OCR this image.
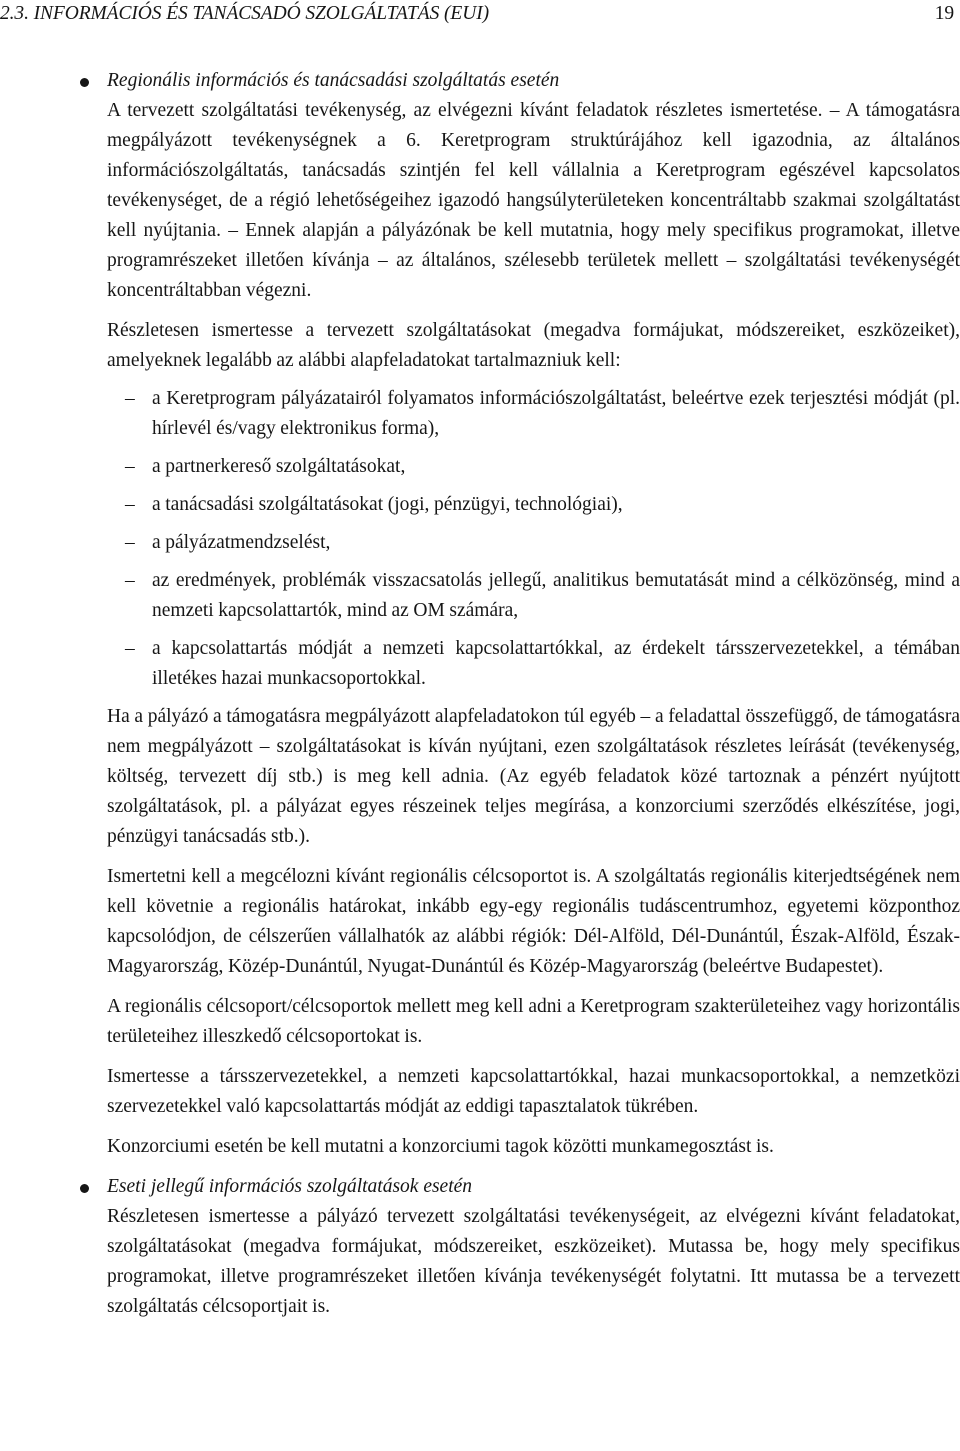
2.3. INFORMÁCIÓS ÉS TANÁCSADÓ SZOLGÁLTATÁS (EUI)	19
Regionális információs és tanácsadási szolgáltatás esetén

A tervezett szolgáltatási tevékenység, az elvégezni kívánt feladatok részletes ismertetése. – A támogatásra megpályázott tevékenységnek a 6. Keretprogram struktúrájához kell igazodnia, az általános információszolgáltatás, tanácsadás szintjén fel kell vállalnia a Keretprogram egészével kapcsolatos tevékenységet, de a régió lehetőségeihez igazodó hangsúlyterületeken koncentráltabb szakmai szolgáltatást kell nyújtania. – Ennek alapján a pályázónak be kell mutatnia, hogy mely specifikus programokat, illetve programrészeket illetően kívánja – az általános, szélesebb területek mellett – szolgáltatási tevékenységét koncentráltabban végezni.

Részletesen ismertesse a tervezett szolgáltatásokat (megadva formájukat, módszereiket, eszközeiket), amelyeknek legalább az alábbi alapfeladatokat tartalmazniuk kell:

– a Keretprogram pályázatairól folyamatos információszolgáltatást, beleértve ezek terjesztési módját (pl. hírlevél és/vagy elektronikus forma),
– a partnerkereső szolgáltatásokat,
– a tanácsadási szolgáltatásokat (jogi, pénzügyi, technológiai),
– a pályázatmendzselést,
– az eredmények, problémák visszacsatolás jellegű, analitikus bemutatását mind a célközönség, mind a nemzeti kapcsolattartók, mind az OM számára,
– a kapcsolattartás módját a nemzeti kapcsolattartókkal, az érdekelt társszervezetekkel, a témában illetékes hazai munkacsoportokkal.

Ha a pályázó a támogatásra megpályázott alapfeladatokon túl egyéb – a feladattal összefüggő, de támogatásra nem megpályázott – szolgáltatásokat is kíván nyújtani, ezen szolgáltatások részletes leírását (tevékenység, költség, tervezett díj stb.) is meg kell adnia. (Az egyéb feladatok közé tartoznak a pénzért nyújtott szolgáltatások, pl. a pályázat egyes részeinek teljes megírása, a konzorciumi szerződés elkészítése, jogi, pénzügyi tanácsadás stb.).

Ismertetni kell a megcélozni kívánt regionális célcsoportot is. A szolgáltatás regionális kiterjedtségének nem kell követnie a regionális határokat, inkább egy-egy regionális tudáscentrumhoz, egyetemi központhoz kapcsolódjon, de célszerűen vállalhatók az alábbi régiók: Dél-Alföld, Dél-Dunántúl, Észak-Alföld, Észak-Magyarország, Közép-Dunántúl, Nyugat-Dunántúl és Közép-Magyarország (beleértve Budapestet).

A regionális célcsoport/célcsoportok mellett meg kell adni a Keretprogram szakterületeihez vagy horizontális területeihez illeszkedő célcsoportokat is.

Ismertesse a társszervezetekkel, a nemzeti kapcsolattartókkal, hazai munkacsoportokkal, a nemzetközi szervezetekkel való kapcsolattartás módját az eddigi tapasztalatok tükrében.

Konzorciumi esetén be kell mutatni a konzorciumi tagok közötti munkamegosztást is.

Eseti jellegű információs szolgáltatások esetén

Részletesen ismertesse a pályázó tervezett szolgáltatási tevékenységeit, az elvégezni kívánt feladatokat, szolgáltatásokat (megadva formájukat, módszereiket, eszközeiket). Mutassa be, hogy mely specifikus programokat, illetve programrészeket illetően kívánja tevékenységét folytatni. Itt mutassa be a tervezett szolgáltatás célcsoportjait is.
